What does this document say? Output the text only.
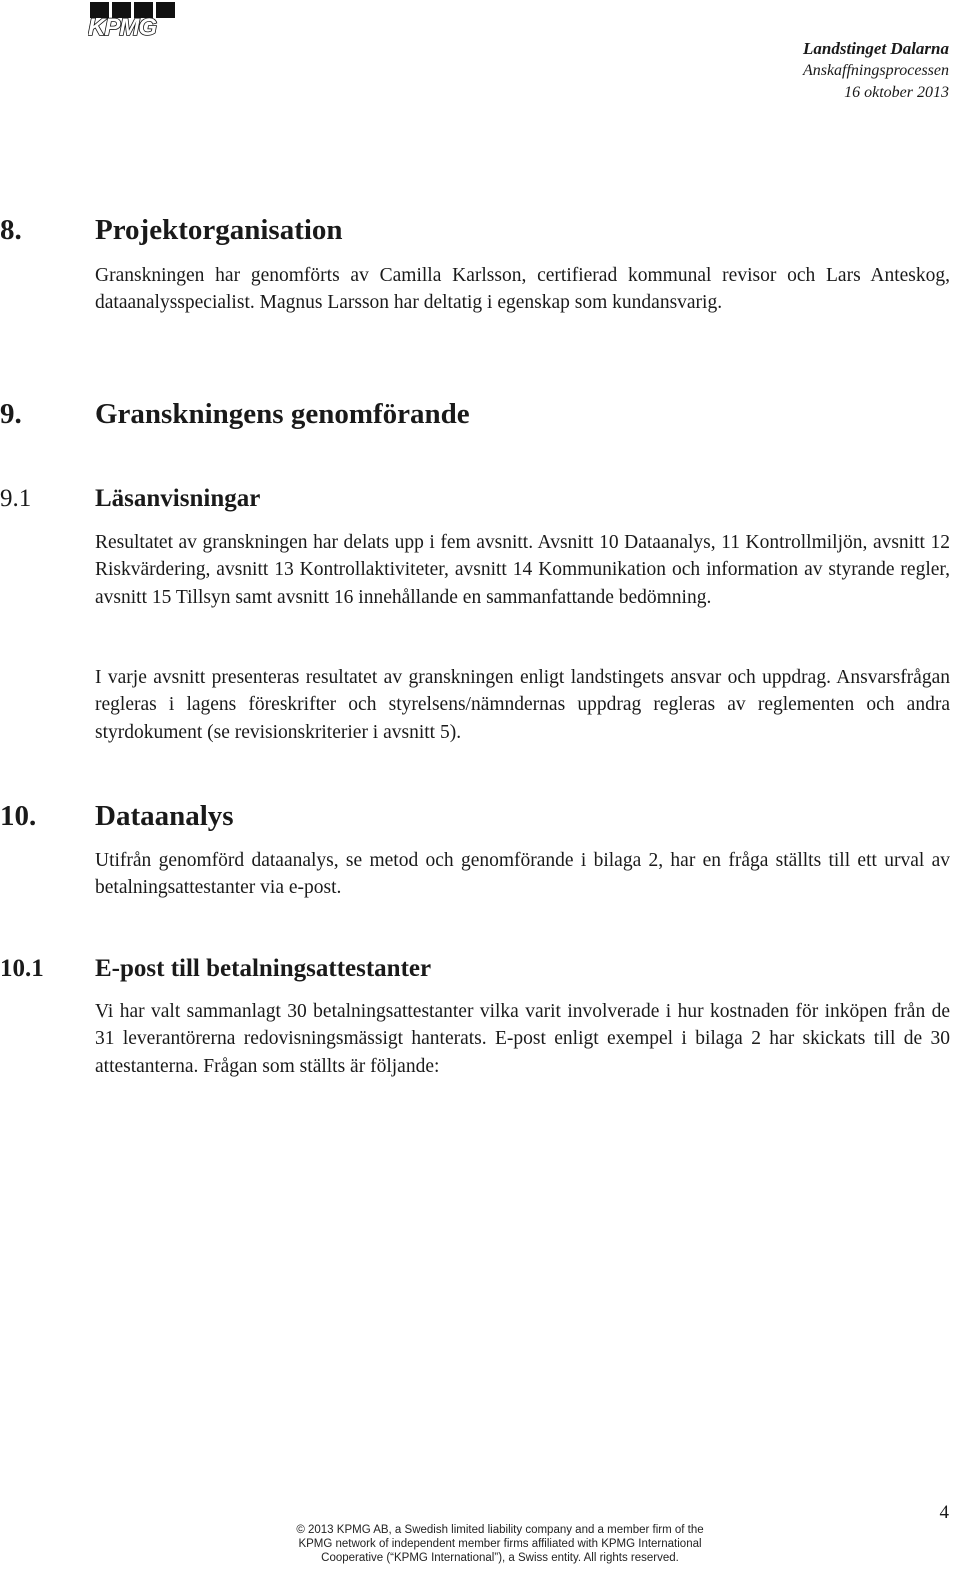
KPMG
Landstinget Dalarna
Anskaffningsprocessen
16 oktober 2013
8.	Projektorganisation

Granskningen har genomförts av Camilla Karlsson, certifierad kommunal revisor och Lars Anteskog, dataanalysspecialist. Magnus Larsson har deltatig i egenskap som kundansvarig.

9.	Granskningens genomförande
9.1	Läsanvisningar

Resultatet av granskningen har delats upp i fem avsnitt. Avsnitt 10 Dataanalys, 11 Kontrollmiljön, avsnitt 12 Riskvärdering, avsnitt 13 Kontrollaktiviteter, avsnitt 14 Kommunikation och information av styrande regler, avsnitt 15 Tillsyn samt avsnitt 16 innehållande en sammanfattande bedömning.

I varje avsnitt presenteras resultatet av granskningen enligt landstingets ansvar och uppdrag. Ansvarsfrågan regleras i lagens föreskrifter och styrelsens/nämndernas uppdrag regleras av reglementen och andra styrdokument (se revisionskriterier i avsnitt 5).

10. Dataanalys

Utifrån genomförd dataanalys, se metod och genomförande i bilaga 2, har en fråga ställts till ett urval av betalningsattestanter via e-post.

10.1 E-post till betalningsattestanter

Vi har valt sammanlagt 30 betalningsattestanter vilka varit involverade i hur kostnaden för inköpen från de 31 leverantörerna redovisningsmässigt hanterats. E-post enligt exempel i bilaga 2 har skickats till de 30 attestanterna. Frågan som ställts är följande:

© 2013 KPMG AB, a Swedish limited liability company and a member firm of the
KPMG network of independent member firms affiliated with KPMG International
Cooperative (“KPMG International”), a Swiss entity. All rights reserved.
4
